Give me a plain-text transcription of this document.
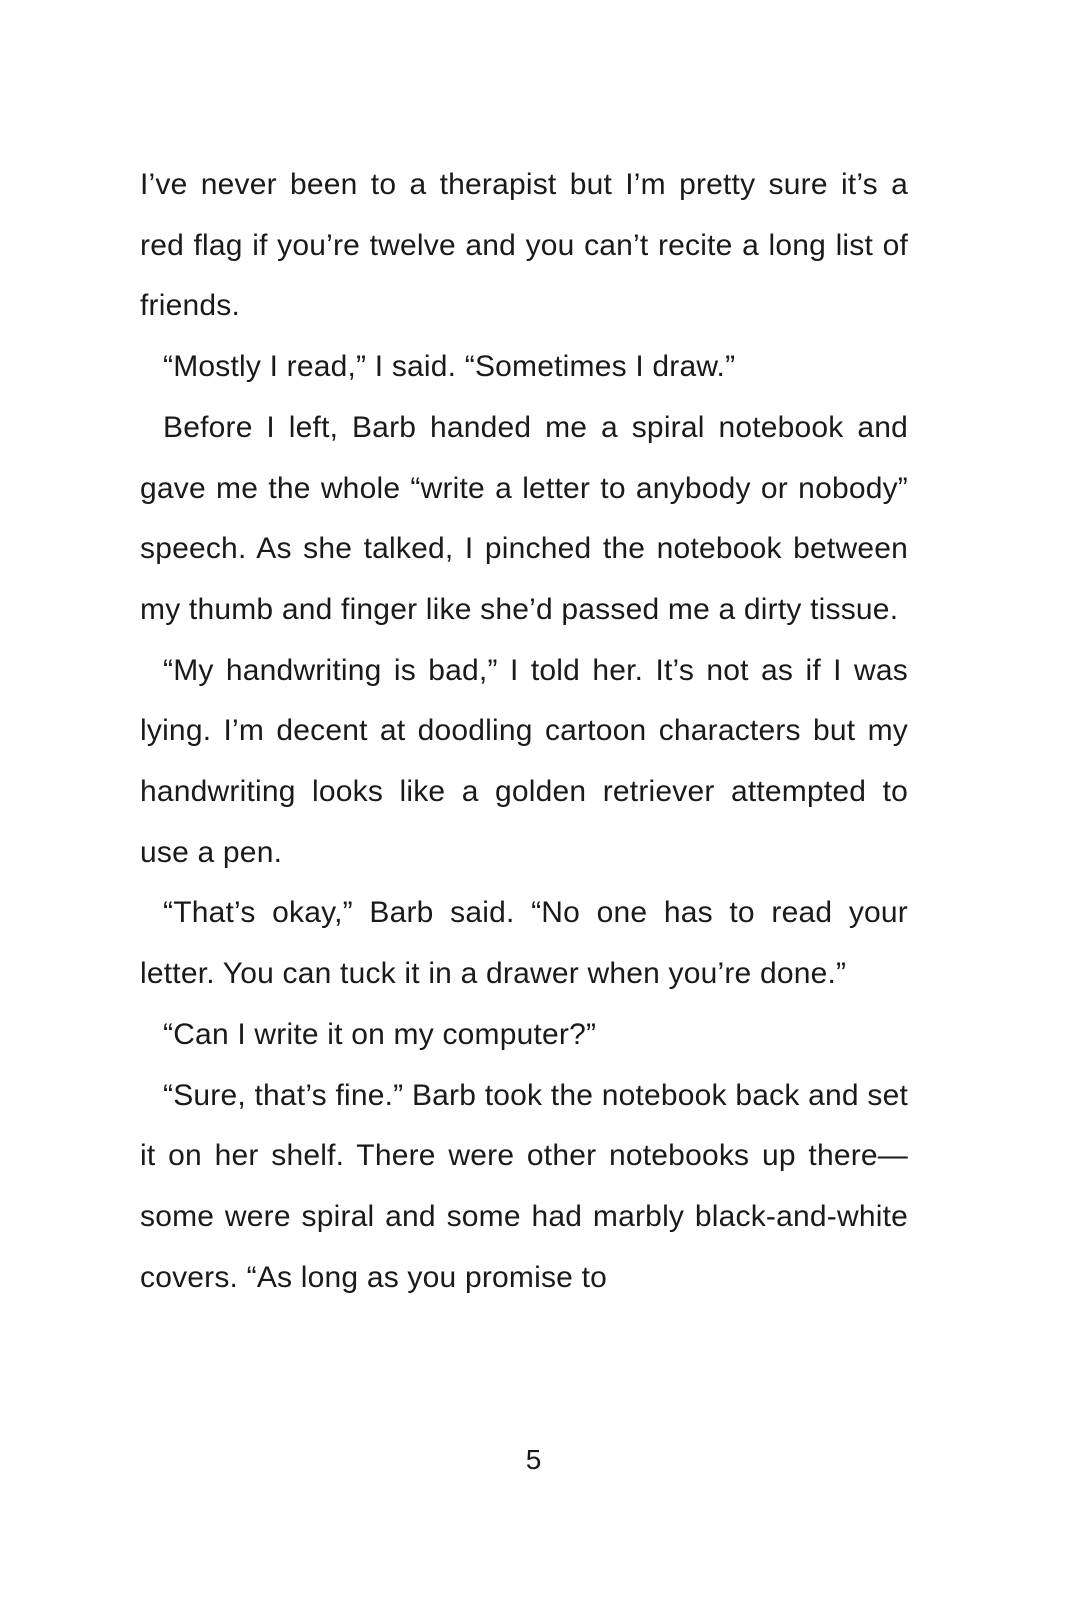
I’ve never been to a therapist but I’m pretty sure it’s a red flag if you’re twelve and you can’t recite a long list of friends.

“Mostly I read,” I said. “Sometimes I draw.”

Before I left, Barb handed me a spiral notebook and gave me the whole “write a letter to anybody or nobody” speech. As she talked, I pinched the notebook between my thumb and finger like she’d passed me a dirty tissue.

“My handwriting is bad,” I told her. It’s not as if I was lying. I’m decent at doodling cartoon characters but my handwriting looks like a golden retriever attempted to use a pen.

“That’s okay,” Barb said. “No one has to read your letter. You can tuck it in a drawer when you’re done.”

“Can I write it on my computer?”

“Sure, that’s fine.” Barb took the notebook back and set it on her shelf. There were other notebooks up there—some were spiral and some had marbly black-and-white covers. “As long as you promise to

5
